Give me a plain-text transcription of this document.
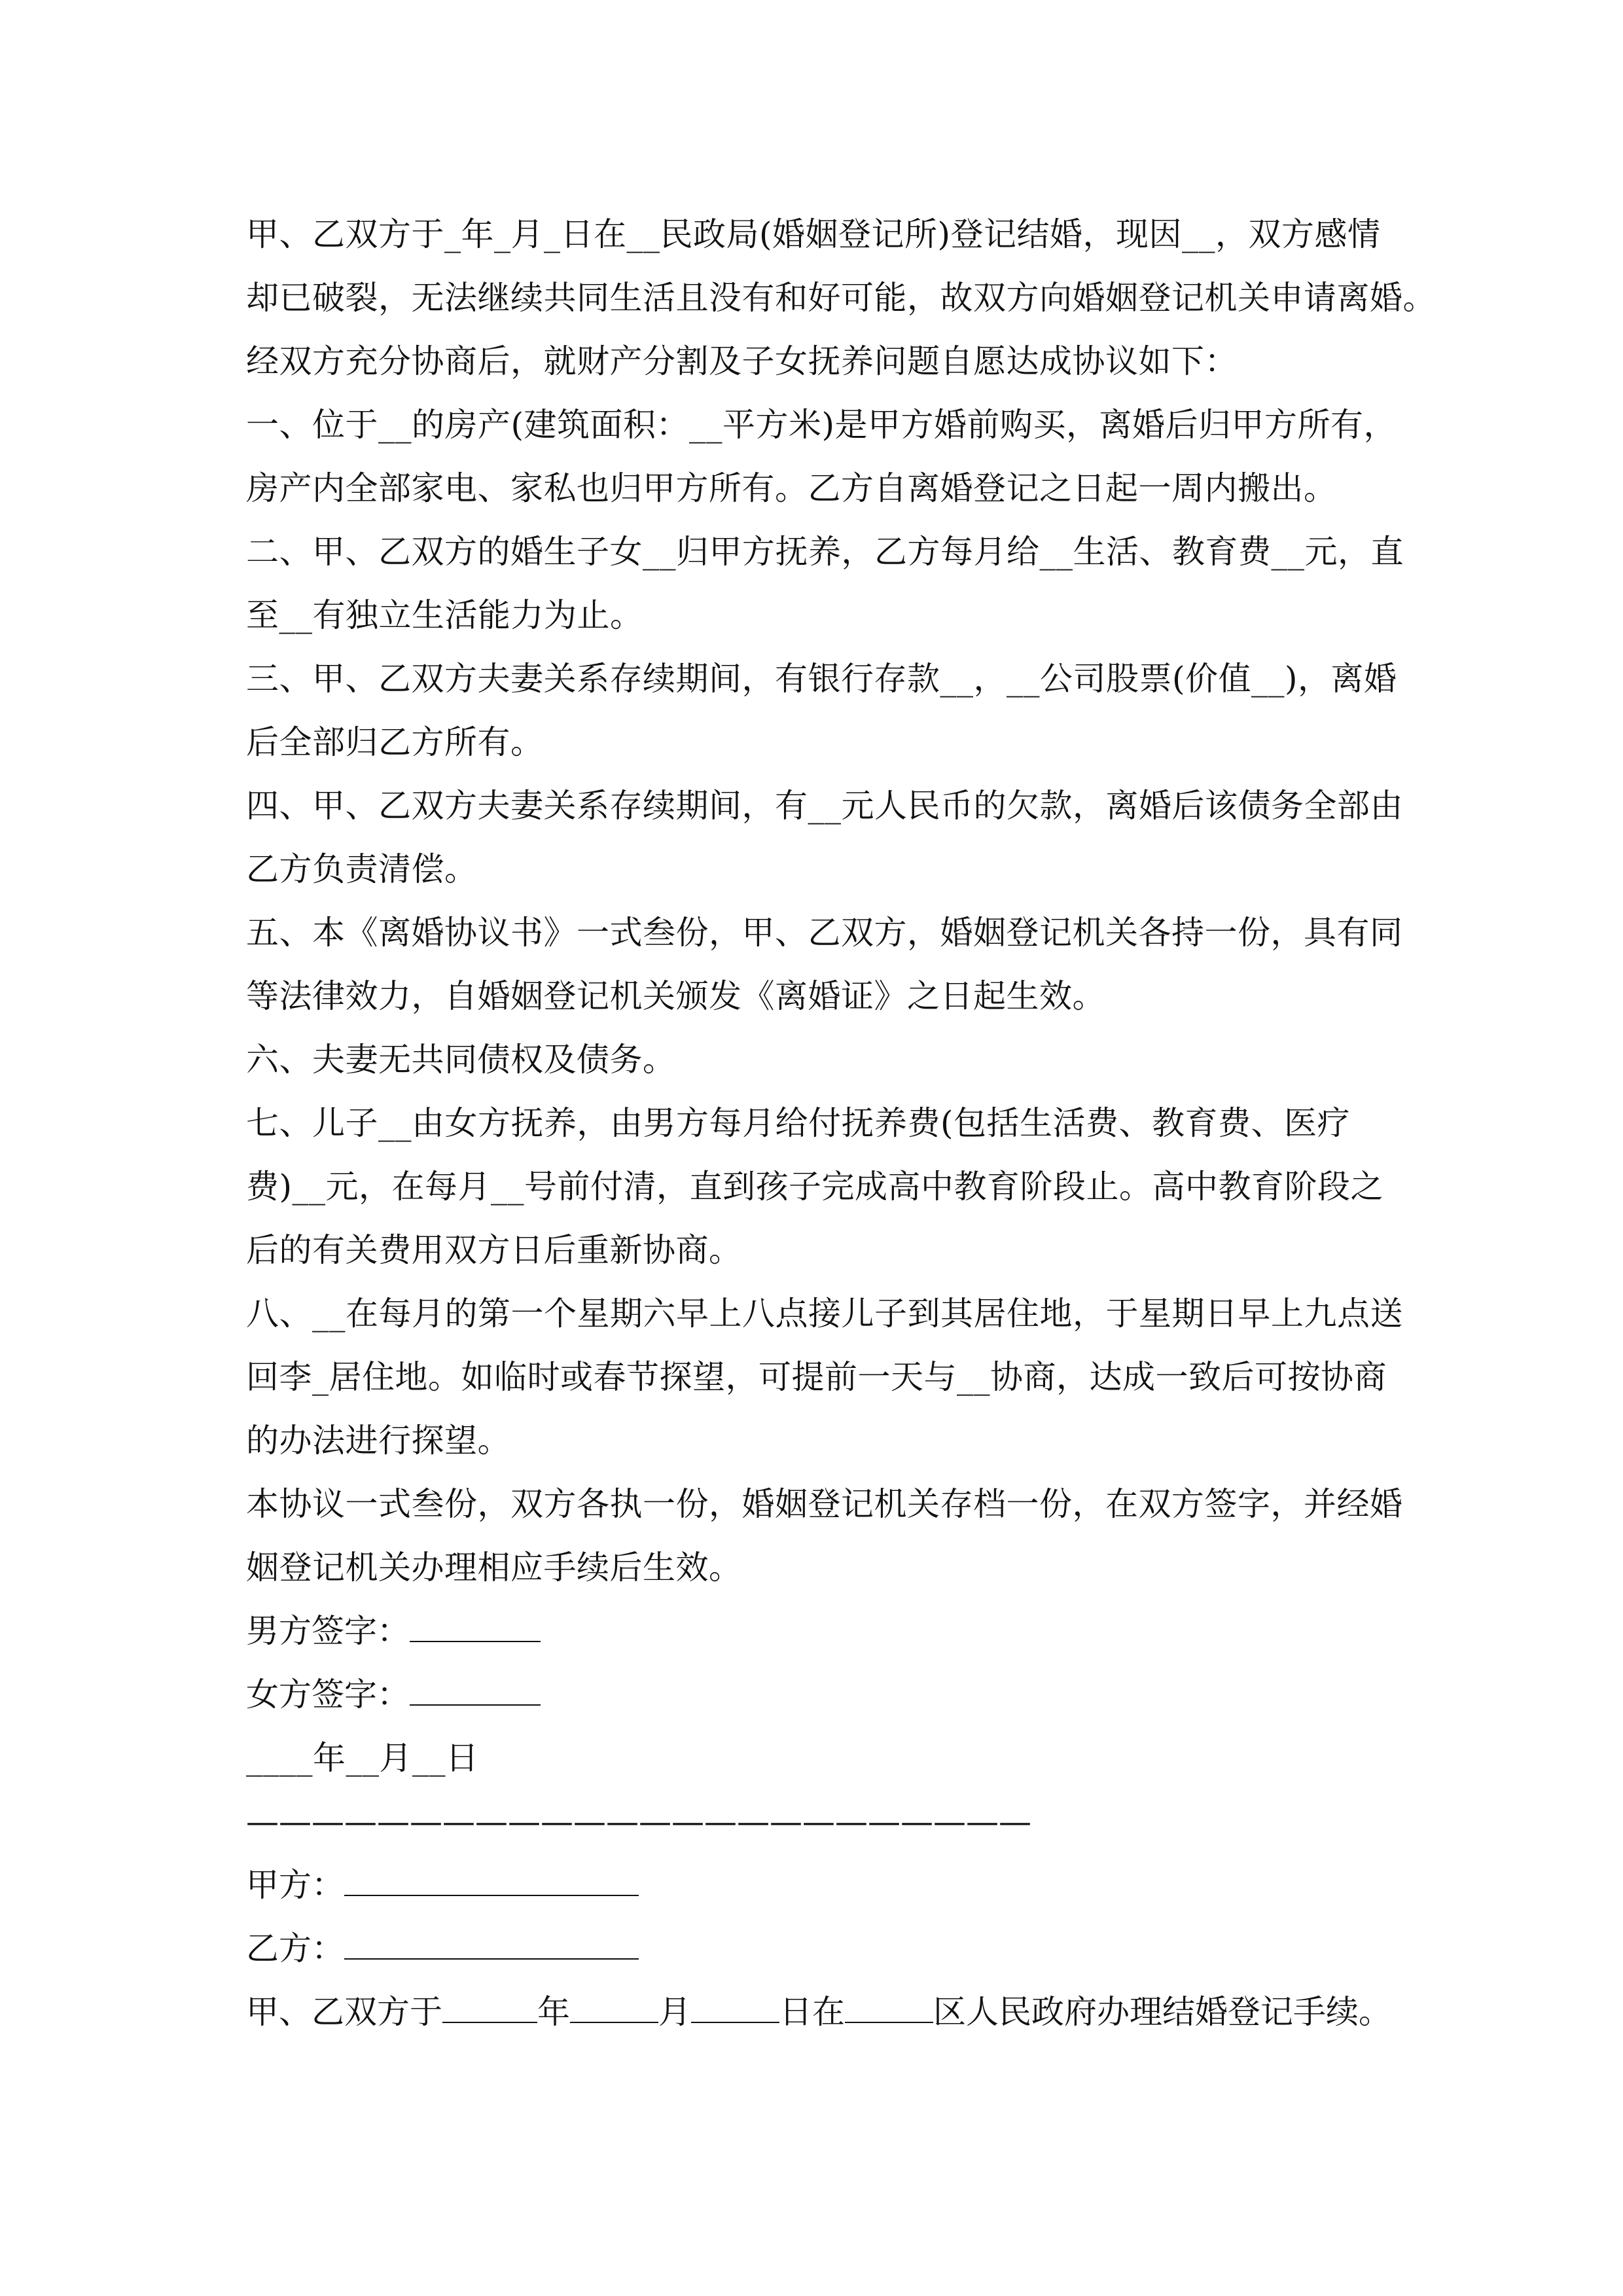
甲、乙双方于_年_月_日在__民政局(婚姻登记所)登记结婚，现因__，双方感情
却已破裂，无法继续共同生活且没有和好可能，故双方向婚姻登记机关申请离婚。
经双方充分协商后，就财产分割及子女抚养问题自愿达成协议如下：
一、位于__的房产(建筑面积：__平方米)是甲方婚前购买，离婚后归甲方所有，
房产内全部家电、家私也归甲方所有。乙方自离婚登记之日起一周内搬出。
二、甲、乙双方的婚生子女__归甲方抚养，乙方每月给__生活、教育费__元，直
至__有独立生活能力为止。
三、甲、乙双方夫妻关系存续期间，有银行存款__，__公司股票(价值__)，离婚
后全部归乙方所有。
四、甲、乙双方夫妻关系存续期间，有__元人民币的欠款，离婚后该债务全部由
乙方负责清偿。
五、本《离婚协议书》一式叁份，甲、乙双方，婚姻登记机关各持一份，具有同
等法律效力，自婚姻登记机关颁发《离婚证》之日起生效。
六、夫妻无共同债权及债务。
七、儿子__由女方抚养，由男方每月给付抚养费(包括生活费、教育费、医疗
费)__元，在每月__号前付清，直到孩子完成高中教育阶段止。高中教育阶段之
后的有关费用双方日后重新协商。
八、__在每月的第一个星期六早上八点接儿子到其居住地，于星期日早上九点送
回李_居住地。如临时或春节探望，可提前一天与__协商，达成一致后可按协商
的办法进行探望。
本协议一式叁份，双方各执一份，婚姻登记机关存档一份，在双方签字，并经婚
姻登记机关办理相应手续后生效。
男方签字：
女方签字：
____年__月__日
————————————————————————
甲方：
乙方：
甲、乙双方于	年	月	日在	区人民政府办理结婚登记手续。
